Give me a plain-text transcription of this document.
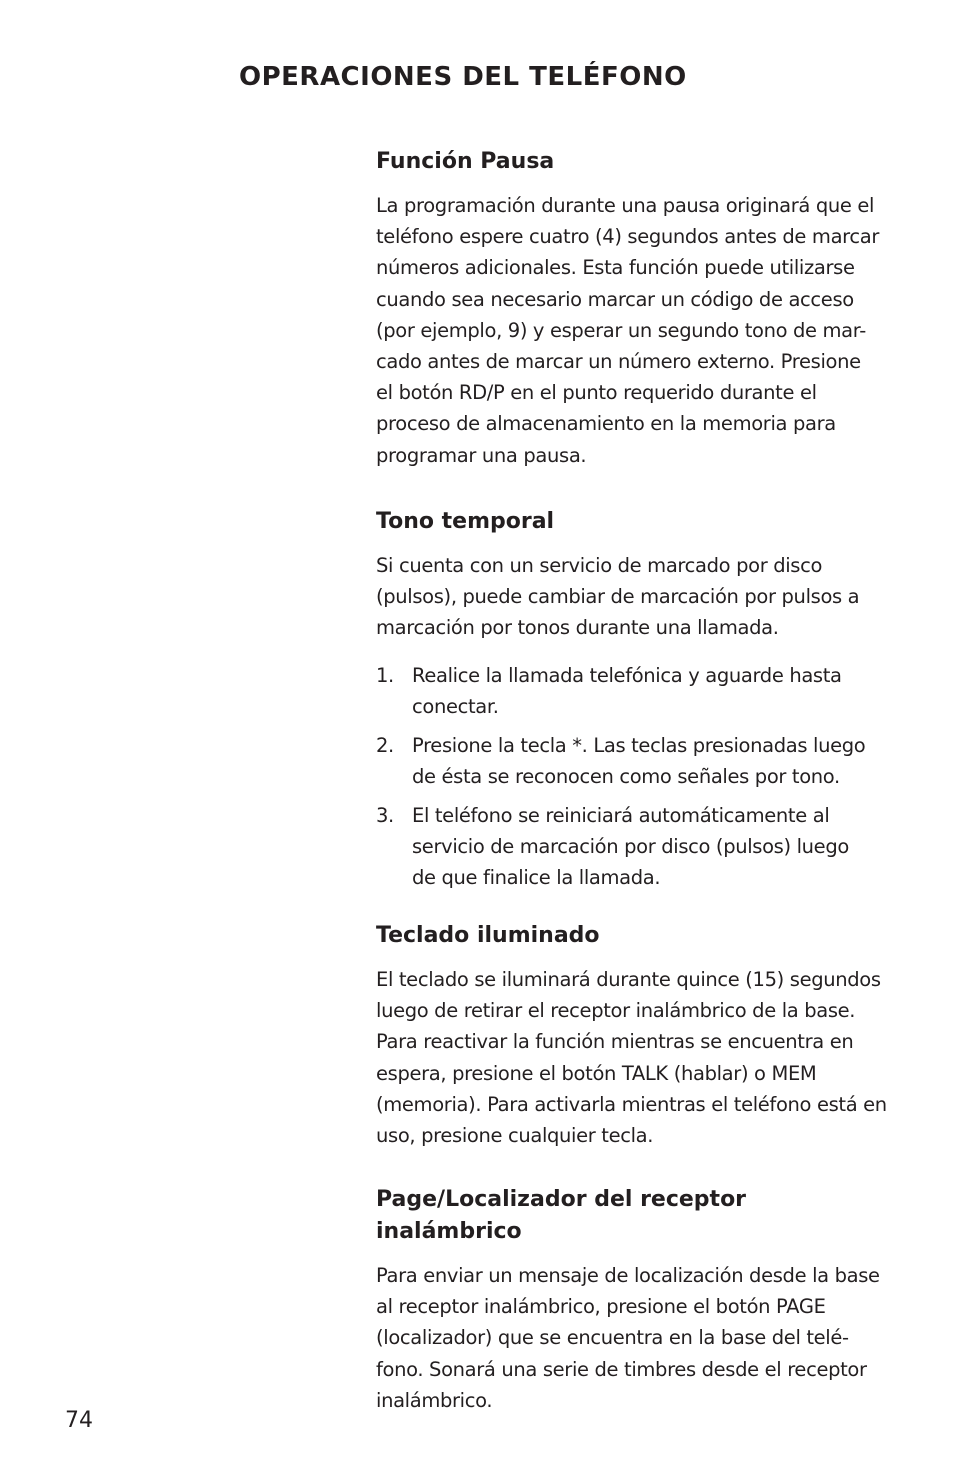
OPERACIONES DEL TELÉFONO
Función Pausa

La programación durante una pausa originará que el
teléfono espere cuatro (4) segundos antes de marcar
números adicionales. Esta función puede utilizarse
cuando sea necesario marcar un código de acceso
(por ejemplo, 9) y esperar un segundo tono de mar-
cado antes de marcar un número externo. Presione
el botón RD/P en el punto requerido durante el
proceso de almacenamiento en la memoria para
programar una pausa.

Tono temporal

Si cuenta con un servicio de marcado por disco
(pulsos), puede cambiar de marcación por pulsos a
marcación por tonos durante una llamada.

1. Realice la llamada telefónica y aguarde hasta
conectar.
2. Presione la tecla *. Las teclas presionadas luego
de ésta se reconocen como señales por tono.
3. El teléfono se reiniciará automáticamente al
servicio de marcación por disco (pulsos) luego
de que finalice la llamada.
Teclado iluminado

El teclado se iluminará durante quince (15) segundos
luego de retirar el receptor inalámbrico de la base.
Para reactivar la función mientras se encuentra en
espera, presione el botón TALK (hablar) o MEM
(memoria). Para activarla mientras el teléfono está en
uso, presione cualquier tecla.

Page/Localizador del receptor
inalámbrico

Para enviar un mensaje de localización desde la base
al receptor inalámbrico, presione el botón PAGE
(localizador) que se encuentra en la base del telé-
fono. Sonará una serie de timbres desde el receptor
inalámbrico.

74
